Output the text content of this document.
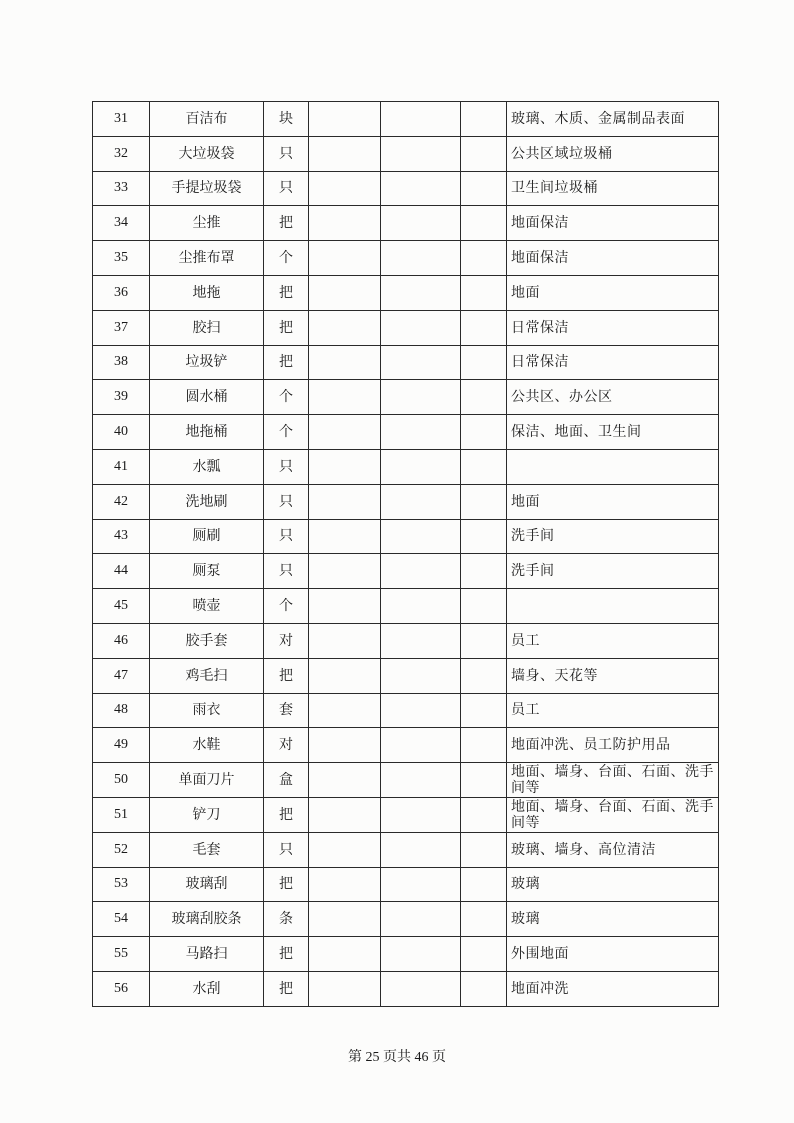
31	百洁布	块				玻璃、木质、金属制品表面
32	大垃圾袋	只				公共区域垃圾桶
33	手提垃圾袋	只				卫生间垃圾桶
34	尘推	把				地面保洁
35	尘推布罩	个				地面保洁
36	地拖	把				地面
37	胶扫	把				日常保洁
38	垃圾铲	把				日常保洁
39	圆水桶	个				公共区、办公区
40	地拖桶	个				保洁、地面、卫生间
41	水瓢	只				
42	洗地刷	只				地面
43	厕刷	只				洗手间
44	厕泵	只				洗手间
45	喷壶	个				
46	胶手套	对				员工
47	鸡毛扫	把				墙身、天花等
48	雨衣	套				员工
49	水鞋	对				地面冲洗、员工防护用品
50	单面刀片	盒				地面、墙身、台面、石面、洗手间等
51	铲刀	把				地面、墙身、台面、石面、洗手间等
52	毛套	只				玻璃、墙身、高位清洁
53	玻璃刮	把				玻璃
54	玻璃刮胶条	条				玻璃
55	马路扫	把				外围地面
56	水刮	把				地面冲洗
第 25 页共 46 页
